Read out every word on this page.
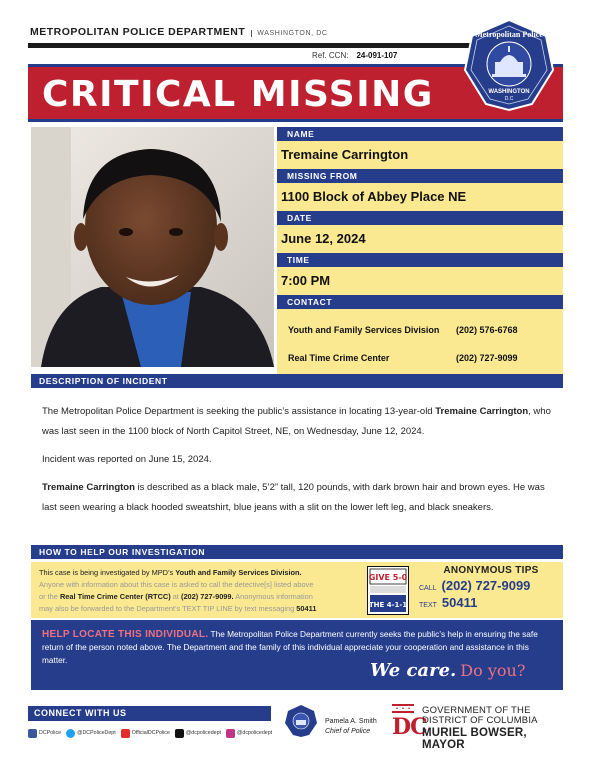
METROPOLITAN POLICE DEPARTMENT WASHINGTON, DC
Ref. CCN: 24-091-107
CRITICAL MISSING
Metropolitan Police
WASHINGTON
D.C
NAME
Tremaine Carrington
MISSING FROM
1100 Block of Abbey Place NE
DATE
June 12, 2024
TIME
7:00 PM
CONTACT
Youth and Family Services Division	(202) 576-6768
Real Time Crime Center	(202) 727-9099
DESCRIPTION OF INCIDENT

The Metropolitan Police Department is seeking the public’s assistance in locating 13-year-old Tremaine Carrington, who was last seen in the 1100 block of North Capitol Street, NE, on Wednesday, June 12, 2024.

Incident was reported on June 15, 2024.

Tremaine Carrington is described as a black male, 5’2” tall, 120 pounds, with dark brown hair and brown eyes. He was last seen wearing a black hooded sweatshirt, blue jeans with a slit on the lower left leg, and black sneakers.

HOW TO HELP OUR INVESTIGATION
This case is being investigated by MPD’s Youth and Family Services Division.
Anyone with information about this case is asked to call the detective[s] listed above
or the Real Time Crime Center (RTCC) at (202) 727-9099. Anonymous information
may also be forwarded to the Department’s TEXT TIP LINE by text messaging 50411
GIVE 5-0
THE 4-1-1
ANONYMOUS TIPS
CALL (202) 727-9099
TEXT 50411
HELP LOCATE THIS INDIVIDUAL. The Metropolitan Police Department currently seeks the public’s help in ensuring the safe return of the person noted above. The Department and the family of this individual appreciate your cooperation and assistance in this matter.	We care. Do you?
CONNECT WITH US
DCPolice	@DCPoliceDept	OfficialDCPolice	@dcpolicedept	@dcpolicedept
Pamela A. Smith
Chief of Police DC
GOVERNMENT OF THE
DISTRICT OF COLUMBIA
MURIEL BOWSER, MAYOR
